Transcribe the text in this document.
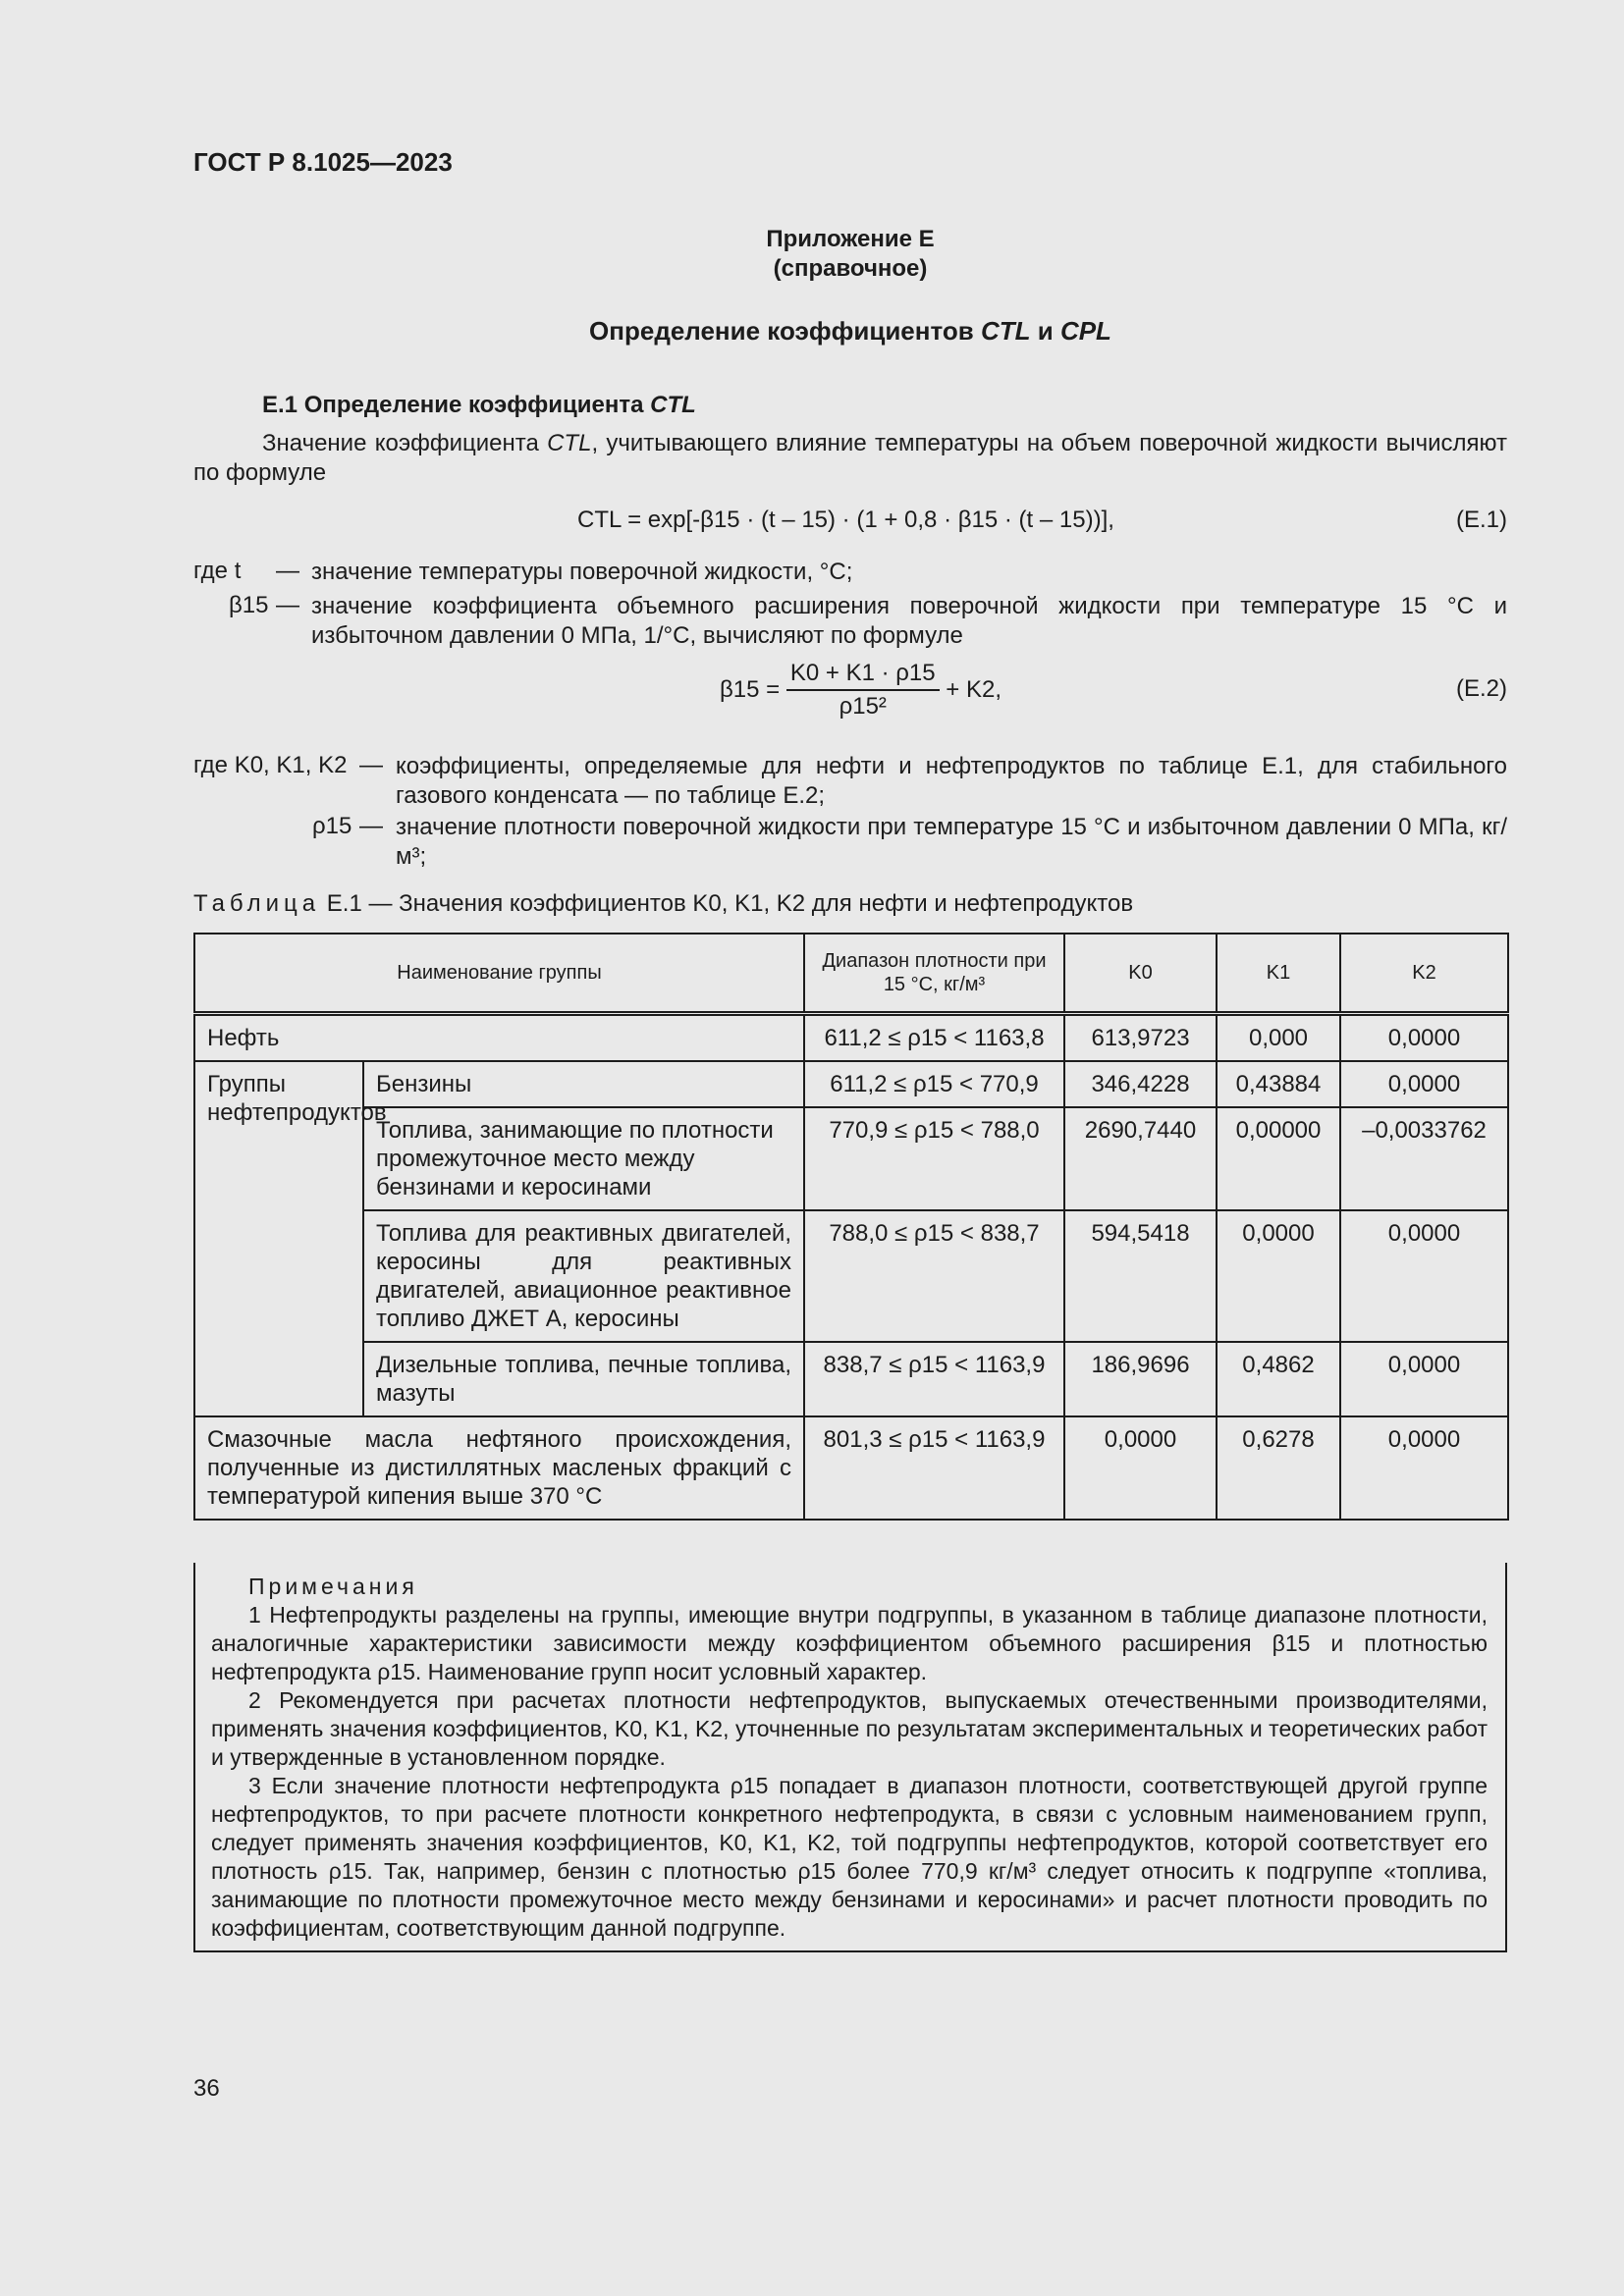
ГОСТ Р 8.1025—2023
Приложение Е
(справочное)
Определение коэффициентов CTL и CPL
Е.1 Определение коэффициента CTL
Значение коэффициента CTL, учитывающего влияние температуры на объем поверочной жидкости вычисляют по формуле
CTL = exp[-β15 · (t – 15) · (1 + 0,8 · β15 · (t – 15))],	(Е.1)
где t — значение температуры поверочной жидкости, °С;
β15 — значение коэффициента объемного расширения поверочной жидкости при температуре 15 °С и избыточном давлении 0 МПа, 1/°С, вычисляют по формуле
$\beta 15 = \frac{K0 + K1 \cdot \rho 15}{\text{ρ15²}} + K2$,	(Е.2)
где K0, K1, K2 — коэффициенты, определяемые для нефти и нефтепродуктов по таблице Е.1, для стабильного газового конденсата — по таблице Е.2;
ρ15 — значение плотности поверочной жидкости при температуре 15 °С и избыточном давлении 0 МПа, кг/м³;
Таблица Е.1 — Значения коэффициентов K0, K1, K2 для нефти и нефтепродуктов
Наименование группы		Диапазон плотности при 15 °С, кг/м³	K0	K1	K2
Нефть		611,2 ≤ ρ15 < 1163,8	613,9723	0,000	0,0000
Группы нефтепродуктов	Бензины	611,2 ≤ ρ15 < 770,9	346,4228	0,43884	0,0000
	Топлива, занимающие по плотности промежуточное место между бензинами и керосинами	770,9 ≤ ρ15 < 788,0	2690,7440	0,00000	–0,0033762
	Топлива для реактивных двигателей, керосины для реактивных двигателей, авиационное реактивное топливо ДЖЕТ А, керосины	788,0 ≤ ρ15 < 838,7	594,5418	0,0000	0,0000
	Дизельные топлива, печные топлива, мазуты	838,7 ≤ ρ15 < 1163,9	186,9696	0,4862	0,0000
Смазочные масла нефтяного происхождения, полученные из дистиллятных масленых фракций с температурой кипения выше 370 °С		801,3 ≤ ρ15 < 1163,9	0,0000	0,6278	0,0000
Примечания

1 Нефтепродукты разделены на группы, имеющие внутри подгруппы, в указанном в таблице диапазоне плотности, аналогичные характеристики зависимости между коэффициентом объемного расширения β15 и плотностью нефтепродукта ρ15. Наименование групп носит условный характер.

2 Рекомендуется при расчетах плотности нефтепродуктов, выпускаемых отечественными производителями, применять значения коэффициентов, K0, K1, K2, уточненные по результатам экспериментальных и теоретических работ и утвержденные в установленном порядке.

3 Если значение плотности нефтепродукта ρ15 попадает в диапазон плотности, соответствующей другой группе нефтепродуктов, то при расчете плотности конкретного нефтепродукта, в связи с условным наименованием групп, следует применять значения коэффициентов, K0, K1, K2, той подгруппы нефтепродуктов, которой соответствует его плотность ρ15. Так, например, бензин с плотностью ρ15 более 770,9 кг/м³ следует относить к подгруппе «топлива, занимающие по плотности промежуточное место между бензинами и керосинами» и расчет плотности проводить по коэффициентам, соответствующим данной подгруппе.

36
